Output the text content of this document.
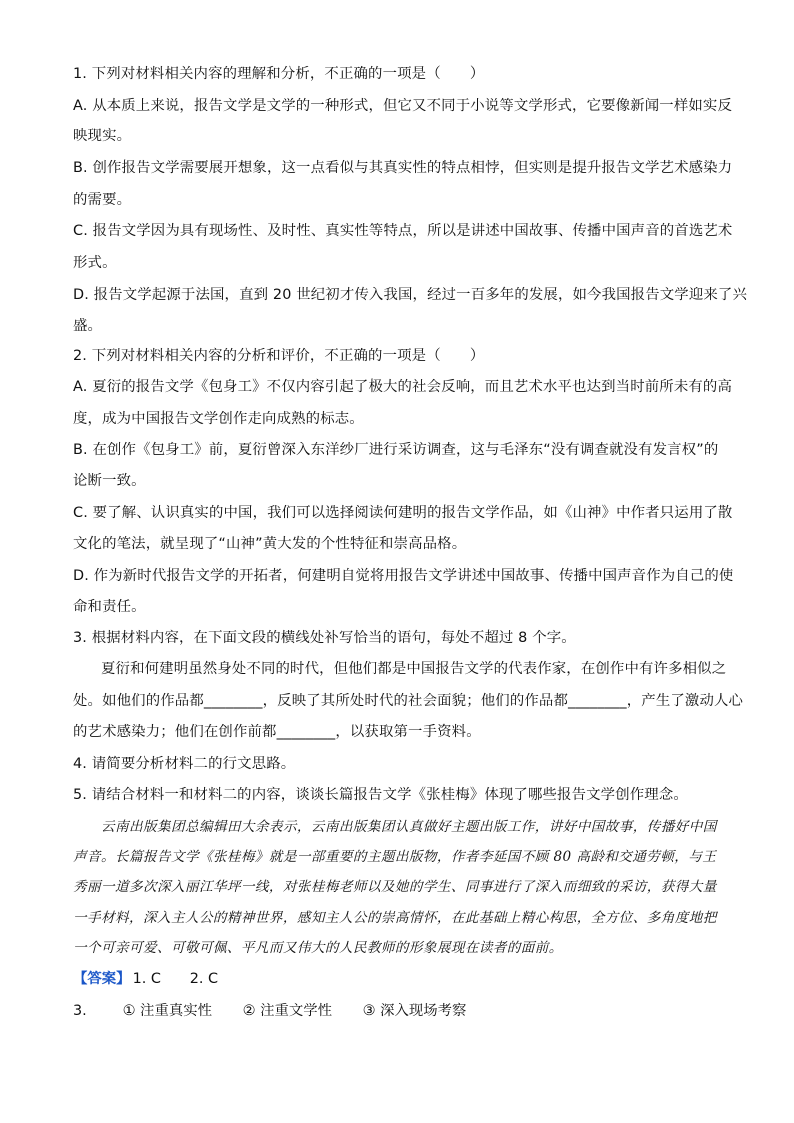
1. 下列对材料相关内容的理解和分析，不正确的一项是（　　）
A. 从本质上来说，报告文学是文学的一种形式，但它又不同于小说等文学形式，它要像新闻一样如实反
映现实。
B. 创作报告文学需要展开想象，这一点看似与其真实性的特点相悖，但实则是提升报告文学艺术感染力
的需要。
C. 报告文学因为具有现场性、及时性、真实性等特点，所以是讲述中国故事、传播中国声音的首选艺术
形式。
D. 报告文学起源于法国，直到 20 世纪初才传入我国，经过一百多年的发展，如今我国报告文学迎来了兴
盛。
2. 下列对材料相关内容的分析和评价，不正确的一项是（　　）
A. 夏衍的报告文学《包身工》不仅内容引起了极大的社会反响，而且艺术水平也达到当时前所未有的高
度，成为中国报告文学创作走向成熟的标志。
B. 在创作《包身工》前，夏衍曾深入东洋纱厂进行采访调查，这与毛泽东“没有调查就没有发言权”的
论断一致。
C. 要了解、认识真实的中国，我们可以选择阅读何建明的报告文学作品，如《山神》中作者只运用了散
文化的笔法，就呈现了“山神”黄大发的个性特征和崇高品格。
D. 作为新时代报告文学的开拓者，何建明自觉将用报告文学讲述中国故事、传播中国声音作为自己的使
命和责任。
3. 根据材料内容，在下面文段的横线处补写恰当的语句，每处不超过 8 个字。
夏衍和何建明虽然身处不同的时代，但他们都是中国报告文学的代表作家，在创作中有许多相似之
处。如他们的作品都________，反映了其所处时代的社会面貌；他们的作品都________，产生了激动人心
的艺术感染力；他们在创作前都________，以获取第一手资料。
4. 请简要分析材料二的行文思路。
5. 请结合材料一和材料二的内容，谈谈长篇报告文学《张桂梅》体现了哪些报告文学创作理念。
云南出版集团总编辑田大余表示，云南出版集团认真做好主题出版工作，讲好中国故事，传播好中国
声音。长篇报告文学《张桂梅》就是一部重要的主题出版物，作者李延国不顾 80 高龄和交通劳顿，与王
秀丽一道多次深入丽江华坪一线，对张桂梅老师以及她的学生、同事进行了深入而细致的采访，获得大量
一手材料，深入主人公的精神世界，感知主人公的崇高情怀，在此基础上精心构思，全方位、多角度地把
一个可亲可爱、可敬可佩、平凡而又伟大的人民教师的形象展现在读者的面前。
【答案】 1. C　　2. C
3. ① 注重真实性 ② 注重文学性 ③ 深入现场考察
